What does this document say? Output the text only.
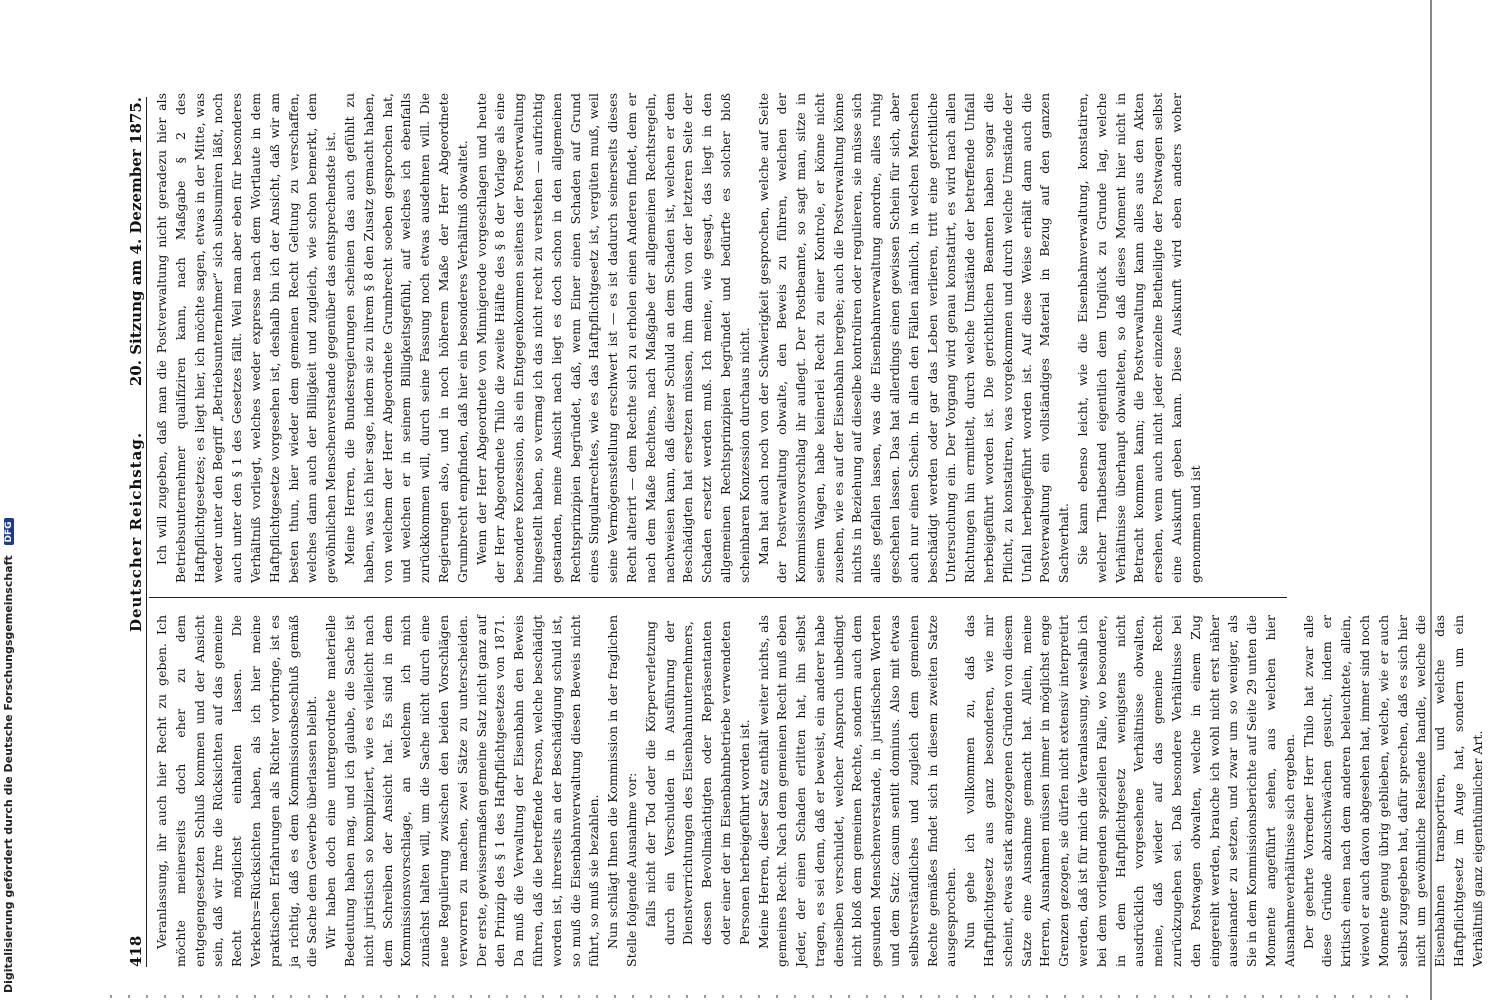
418
Deutscher Reichstag.
20. Sitzung am 4. Dezember 1875.

Veranlassung, ihr auch hier Recht zu geben. Ich möchte meinerseits doch eher zu dem entgegengesetzten Schluß kommen und der Ansicht sein, daß wir Ihre die Rücksichten auf das gemeine Recht möglichst einhalten lassen. Die Verkehrs=Rücksichten haben, als ich hier meine praktischen Erfahrungen als Richter vorbringe, ist es ja richtig, daß es dem Kommissionsbeschluß gemäß die Sache dem Gewerbe überlassen bleibt. Wir haben doch eine untergeordnete materielle Bedeutung haben mag, und ich glaube, die Sache ist nicht juristisch so kompliziert, wie es vielleicht nach dem Schreiben der Ansicht hat. Es sind in dem Kommissionsvorschlage, an welchem ich mich zunächst halten will, um die Sache nicht durch eine neue Regulierung zwischen den beiden Vorschlägen verworren zu machen, zwei Sätze zu unterscheiden. Der erste, gewissermaßen gemeine Satz nicht ganz auf den Prinzip des § 1 des Haftpflichtgesetzes von 1871. Da muß die Verwaltung der Eisenbahn den Beweis führen, daß die betreffende Person, welche beschädigt worden ist, ihrerseits an der Beschädigung schuld ist, so muß die Eisenbahnverwaltung diesen Beweis nicht führt, so muß sie bezahlen. Nun schlägt Ihnen die Kommission in der fraglichen Stelle folgende Ausnahme vor: falls nicht der Tod oder die Körperverletzung durch ein Verschulden in Ausführung der Dienstverrichtungen des Eisenbahnunternehmers, dessen Bevollmächtigten oder Repräsentanten oder einer der im Eisenbahnbetriebe verwendeten Personen herbeigeführt worden ist. Meine Herren, dieser Satz enthält weiter nichts, als gemeines Recht. Nach dem gemeinen Recht muß eben Jeder, der einen Schaden erlitten hat, ihn selbst tragen, es sei denn, daß er beweist, ein anderer habe denselben verschuldet, welcher Anspruch unbedingt nicht bloß dem gemeinen Rechte, sondern auch dem gesunden Menschenverstande, in juristischen Worten und dem Satz: casum sentit dominus. Also mit etwas selbstverständliches und zugleich dem gemeinen Rechte gemäßes findet sich in diesem zweiten Satze ausgesprochen. Nun gehe ich vollkommen zu, daß das Haftpflichtgesetz aus ganz besonderen, wie mir scheint, etwas stark angezogenen Gründen von diesem Satze eine Ausnahme gemacht hat. Allein, meine Herren, Ausnahmen müssen immer in möglichst enge Grenzen gezogen, sie dürfen nicht extensiv interpretirt werden, daß ist für mich die Veranlassung, weshalb ich bei dem vorliegenden speziellen Falle, wo besondere, in dem Haftpflichtgesetz wenigstens nicht ausdrücklich vorgesehene Verhältnisse obwalten, meine, daß wieder auf das gemeine Recht zurückzugehen sei. Daß besondere Verhältnisse bei den Postwagen obwalten, welche in einem Zug eingereiht werden, brauche ich wohl nicht erst näher auseinander zu setzen, und zwar um so weniger, als Sie in dem Kommissionsberichte auf Seite 29 unten die Momente angeführt sehen, aus welchen hier Ausnahmeverhältnisse sich ergeben. Der geehrte Vorredner Herr Thilo hat zwar alle diese Gründe abzuschwächen gesucht, indem er kritisch einen nach dem anderen beleuchtete, allein, wiewol er auch davon abgesehen hat, immer sind noch Momente genug übrig geblieben, welche, wie er auch selbst zugegeben hat, dafür sprechen, daß es sich hier nicht um gewöhnliche Reisende handle, welche die Eisenbahnen transportiren, und welche das Haftpflichtgesetz im Auge hat, sondern um ein Verhältniß ganz eigenthümlicher Art.

Ich will zugeben, daß man die Postverwaltung nicht geradezu hier als Betriebsunternehmer qualifiziren kann, nach Maßgabe § 2 des Haftpflichtgesetzes; es liegt hier, ich möchte sagen, etwas in der Mitte, was weder unter den Begriff „Betriebsunternehmer“ sich subsumiren läßt, noch auch unter den § 1 des Gesetzes fällt. Weil man aber eben für besonderes Verhältniß vorliegt, welches weder expresse nach dem Wortlaute in dem Haftpflichtgesetze vorgesehen ist, deshalb bin ich der Ansicht, daß wir am besten thun, hier wieder dem gemeinen Recht Geltung zu verschaffen, welches dann auch der Billigkeit und zugleich, wie schon bemerkt, dem gewöhnlichen Menschenverstande gegenüber das entsprechendste ist. Meine Herren, die Bundesregierungen scheinen das auch gefühlt zu haben, was ich hier sage, indem sie zu ihrem § 8 den Zusatz gemacht haben, von welchem der Herr Abgeordnete Grumbrecht soeben gesprochen hat, und welchen er in seinem Billigkeitsgefühl, auf welches ich ebenfalls zurückkommen will, durch seine Fassung noch etwas ausdehnen will. Die Regierungen also, und in noch höherem Maße der Herr Abgeordnete Grumbrecht empfinden, daß hier ein besonderes Verhältniß obwaltet. Wenn der Herr Abgeordnete von Minnigerode vorgeschlagen und heute der Herr Abgeordnete Thilo die zweite Hälfte des § 8 der Vorlage als eine besondere Konzession, als ein Entgegenkommen seitens der Postverwaltung hingestellt haben, so vermag ich das nicht recht zu verstehen — aufrichtig gestanden, meine Ansicht nach liegt es doch schon in den allgemeinen Rechtsprinzipien begründet, daß, wenn Einer einen Schaden auf Grund eines Singularrechtes, wie es das Haftpflichtgesetz ist, vergüten muß, weil seine Vermögensstellung erschwert ist — es ist dadurch seinerseits dieses Recht alterirt — dem Rechte sich zu erholen einen Anderen findet, dem er nach dem Maße Rechtens, nach Maßgabe der allgemeinen Rechtsregeln, nachweisen kann, daß dieser Schuld an dem Schaden ist, welchen er dem Beschädigten hat ersetzen müssen, ihm dann von der letzteren Seite der Schaden ersetzt werden muß. Ich meine, wie gesagt, das liegt in den allgemeinen Rechtsprinzipien begründet und bedürfte es solcher bloß scheinbaren Konzession durchaus nicht. Man hat auch noch von der Schwierigkeit gesprochen, welche auf Seite der Postverwaltung obwalte, den Beweis zu führen, welchen der Kommissionsvorschlag ihr auflegt. Der Postbeamte, so sagt man, sitze in seinem Wagen, habe keinerlei Recht zu einer Kontrole, er könne nicht zusehen, wie es auf der Eisenbahn hergehe; auch die Postverwaltung könne nichts in Beziehung auf dieselbe kontroliren oder regulieren, sie müsse sich alles gefallen lassen, was die Eisenbahnverwaltung anordne, alles ruhig geschehen lassen. Das hat allerdings einen gewissen Schein für sich, aber auch nur einen Schein. In allen den Fällen nämlich, in welchen Menschen beschädigt werden oder gar das Leben verlieren, tritt eine gerichtliche Untersuchung ein. Der Vorgang wird genau konstatirt, es wird nach allen Richtungen hin ermittelt, durch welche Umstände der betreffende Unfall herbeigeführt worden ist. Die gerichtlichen Beamten haben sogar die Pflicht, zu konstatiren, was vorgekommen und durch welche Umstände der Unfall herbeigeführt worden ist. Auf diese Weise erhält dann auch die Postverwaltung ein vollständiges Material in Bezug auf den ganzen Sachverhalt. Sie kann ebenso leicht, wie die Eisenbahnverwaltung, konstatiren, welcher Thatbestand eigentlich dem Unglück zu Grunde lag, welche Verhältnisse überhaupt obwalteten, so daß dieses Moment hier nicht in Betracht kommen kann; die Postverwaltung kann alles aus den Akten ersehen, wenn auch nicht jeder einzelne Betheiligte der Postwagen selbst eine Auskunft geben kann. Diese Auskunft wird eben anders woher genommen und ist

Digitalisierung gefördert durch die Deutsche Forschungsgemeinschaft DFG
